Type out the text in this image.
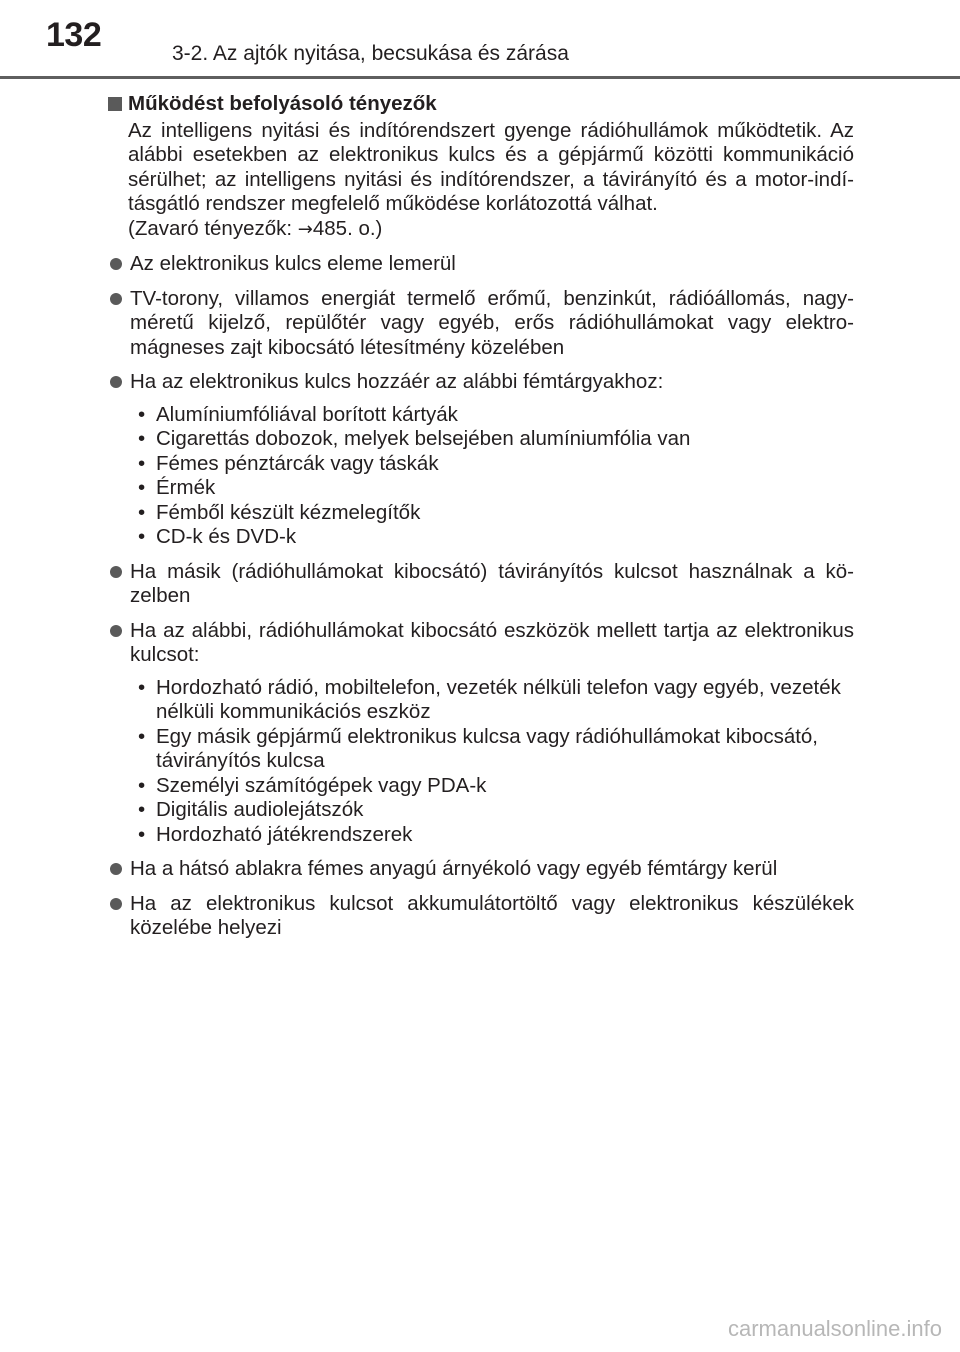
132	3-2. Az ajtók nyitása, becsukása és zárása
Működést befolyásoló tényezők
Az intelligens nyitási és indítórendszert gyenge rádióhullámok működtetik. Az alábbi esetekben az elektronikus kulcs és a gépjármű közötti kommunikáció sérülhet; az intelligens nyitási és indítórendszer, a távirányító és a motor-indításgátló rendszer megfelelő működése korlátozottá válhat.
(Zavaró tényezők: →485. o.)
Az elektronikus kulcs eleme lemerül
TV-torony, villamos energiát termelő erőmű, benzinkút, rádióállomás, nagyméretű kijelző, repülőtér vagy egyéb, erős rádióhullámokat vagy elektromágneses zajt kibocsátó létesítmény közelében
Ha az elektronikus kulcs hozzáér az alábbi fémtárgyakhoz:
• Alumíniumfóliával borított kártyák
• Cigarettás dobozok, melyek belsejében alumíniumfólia van
• Fémes pénztárcák vagy táskák
• Érmék
• Fémből készült kézmelegítők
• CD-k és DVD-k
Ha másik (rádióhullámokat kibocsátó) távirányítós kulcsot használnak a közelben
Ha az alábbi, rádióhullámokat kibocsátó eszközök mellett tartja az elektronikus kulcsot:
• Hordozható rádió, mobiltelefon, vezeték nélküli telefon vagy egyéb, vezeték nélküli kommunikációs eszköz
• Egy másik gépjármű elektronikus kulcsa vagy rádióhullámokat kibocsátó, távirányítós kulcsa
• Személyi számítógépek vagy PDA-k
• Digitális audiolejátszók
• Hordozható játékrendszerek
Ha a hátsó ablakra fémes anyagú árnyékoló vagy egyéb fémtárgy kerül
Ha az elektronikus kulcsot akkumulátortöltő vagy elektronikus készülékek közelébe helyezi
carmanualsonline.info
